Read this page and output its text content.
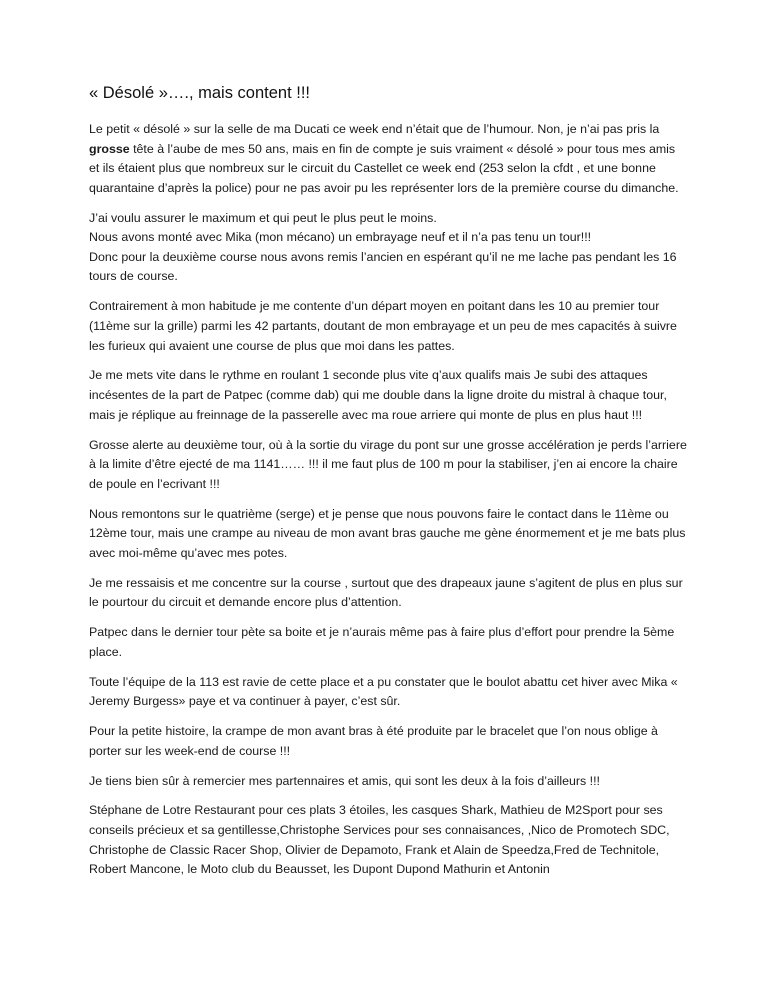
« Désolé »…., mais content !!!

Le petit « désolé » sur la selle de ma Ducati ce week end n’était que de l’humour. Non, je n’ai pas pris la grosse tête à l’aube de mes 50 ans, mais en fin de compte je suis vraiment « désolé » pour tous mes amis et ils étaient plus que nombreux sur le circuit du Castellet ce week end (253 selon la cfdt , et une bonne quarantaine d’après la police) pour ne pas avoir pu les représenter lors de la première course du dimanche.

J’ai voulu assurer le maximum et qui peut le plus peut le moins.
Nous avons monté avec Mika (mon mécano) un embrayage neuf et il n’a pas tenu un tour!!!
Donc pour la deuxième course nous avons remis l’ancien en espérant qu’il ne me lache pas pendant les 16 tours de course.

Contrairement à mon habitude je me contente d’un départ moyen en poitant dans les 10 au premier tour (11ème sur la grille) parmi les 42 partants, doutant de mon embrayage et un peu de mes capacités à suivre les furieux qui avaient une course de plus que moi dans les pattes.

Je me mets vite dans le rythme en roulant 1 seconde plus vite q’aux qualifs mais Je subi des attaques incésentes de la part de Patpec (comme dab) qui me double dans la ligne droite du mistral à chaque tour, mais je réplique au freinnage de la passerelle avec ma roue arriere qui monte de plus en plus haut !!!

Grosse alerte au deuxième tour, où à la sortie du virage du pont sur une grosse accélération je perds l’arriere à la limite d’être ejecté de ma 1141…… !!! il me faut plus de 100 m pour la stabiliser, j’en ai encore la chaire de poule en l’ecrivant !!!

Nous remontons sur le quatrième (serge) et je pense que nous pouvons faire le contact dans le 11ème ou 12ème tour, mais une crampe au niveau de mon avant bras gauche me gène énormement et je me bats plus avec moi-même qu’avec mes potes.

Je me ressaisis et me concentre sur la course , surtout que des drapeaux jaune s’agitent de plus en plus sur le pourtour du circuit et demande encore plus d’attention.

Patpec dans le dernier tour pète sa boite et je n’aurais même pas à faire plus d’effort pour prendre la 5ème place.

Toute l’équipe de la 113 est ravie de cette place et a pu constater que le boulot abattu cet hiver avec Mika « Jeremy Burgess» paye et va continuer à payer, c’est sûr.

Pour la petite histoire, la crampe de mon avant bras à été produite par le bracelet que l’on nous oblige à porter sur les week-end de course !!!

Je tiens bien sûr à remercier mes partennaires et amis, qui sont les deux à la fois d’ailleurs !!!

Stéphane de Lotre Restaurant pour ces plats 3 étoiles, les casques Shark, Mathieu de M2Sport pour ses conseils précieux et sa gentillesse,Christophe Services pour ses connaisances, ,Nico de Promotech SDC, Christophe de Classic Racer Shop, Olivier de Depamoto, Frank et Alain de Speedza,Fred de Technitole, Robert Mancone, le Moto club du Beausset, les Dupont Dupond Mathurin et Antonin
